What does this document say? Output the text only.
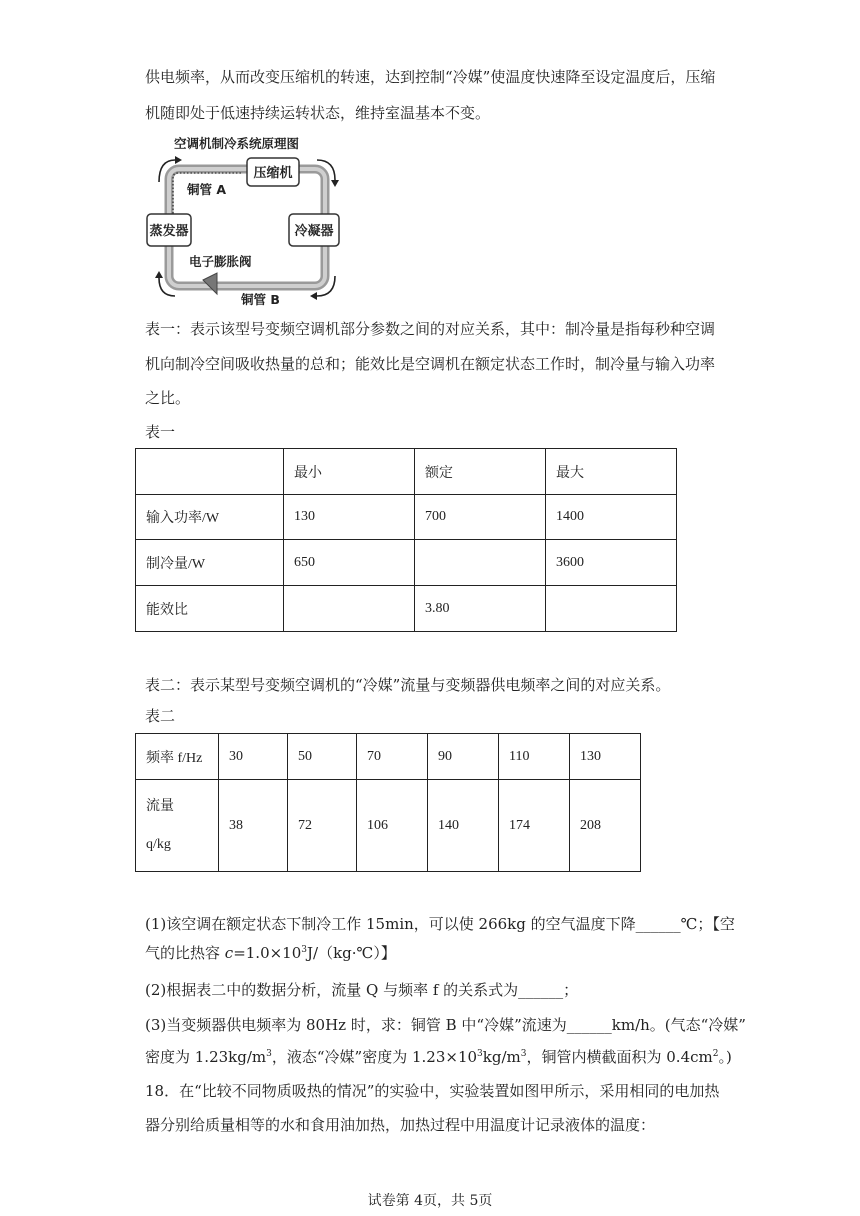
供电频率，从而改变压缩机的转速，达到控制“冷媒”使温度快速降至设定温度后，压缩
机随即处于低速持续运转状态，维持室温基本不变。
空调机制冷系统原理图
压缩机
蒸发器	冷凝器
铜管 A
电子膨胀阀
铜管 B
表一：表示该型号变频空调机部分参数之间的对应关系，其中：制冷量是指每秒种空调
机向制冷空间吸收热量的总和；能效比是空调机在额定状态工作时，制冷量与输入功率
之比。
表一
	最小	额定	最大
输入功率/W	130	700	1400
制冷量/W	650		3600
能效比		3.80	
表二：表示某型号变频空调机的“冷媒”流量与变频器供电频率之间的对应关系。
表二
频率 f/Hz	30	50	70	90	110	130

流量
q/kg	38	72	106	140	174	208
(1)该空调在额定状态下制冷工作 15min，可以使 266kg 的空气温度下降______℃；【空
气的比热容 $c=1.0\times 10^3J/(kg\cdot℃)$】
(2)根据表二中的数据分析，流量 Q 与频率 f 的关系式为______；
(3)当变频器供电频率为 80Hz 时，求：铜管 B 中“冷媒”流速为______km/h。(气态“冷媒”
密度为 $1.23kg/m^3$，液态“冷媒”密度为 $1.23\times 10^3kg/m^3$，铜管内横截面积为 $0.4cm^2$。)
18．在“比较不同物质吸热的情况”的实验中，实验装置如图甲所示，采用相同的电加热
器分别给质量相等的水和食用油加热，加热过程中用温度计记录液体的温度：
试卷第 4页，共 5页
